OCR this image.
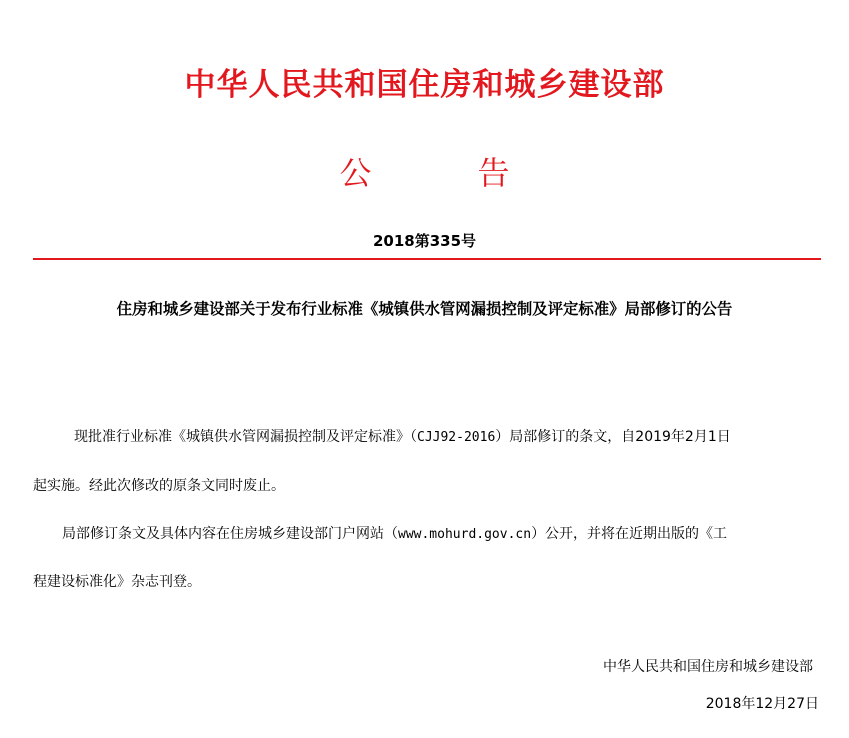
中华人民共和国住房和城乡建设部
公告
2018第335号
住房和城乡建设部关于发布行业标准《城镇供水管网漏损控制及评定标准》局部修订的公告
现批准行业标准《城镇供水管网漏损控制及评定标准》（CJJ92-2016）局部修订的条文，自2019年2月1日
起实施。经此次修改的原条文同时废止。
局部修订条文及具体内容在住房城乡建设部门户网站（www.mohurd.gov.cn）公开，并将在近期出版的《工
程建设标准化》杂志刊登。
中华人民共和国住房和城乡建设部
2018年12月27日
